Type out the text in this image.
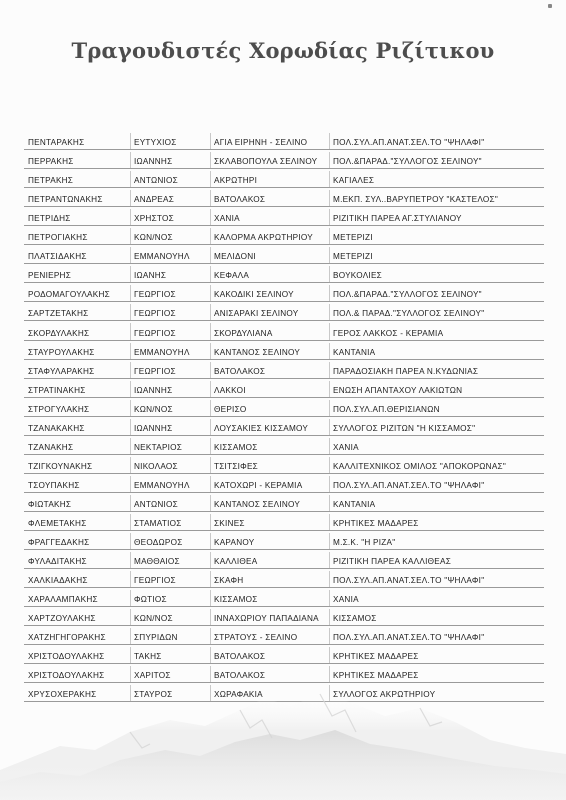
Τραγουδιστές Χορωδίας Ριζίτικου
ΠΕΝΤΑΡΑΚΗΣ	ΕΥΤΥΧΙΟΣ	ΑΓΙΑ ΕΙΡΗΝΗ - ΣΕΛΙΝΟ	ΠΟΛ.ΣΥΛ.ΑΠ.ΑΝΑΤ.ΣΕΛ.ΤΟ "ΨΗΛΑΦΙ"
ΠΕΡΡΑΚΗΣ	ΙΩΑΝΝΗΣ	ΣΚΛΑΒΟΠΟΥΛΑ ΣΕΛΙΝΟΥ	ΠΟΛ.&ΠΑΡΑΔ."ΣΥΛΛΟΓΟΣ ΣΕΛΙΝΟΥ"
ΠΕΤΡΑΚΗΣ	ΑΝΤΩΝΙΟΣ	ΑΚΡΩΤΗΡΙ	ΚΑΓΙΑΛΕΣ
ΠΕΤΡΑΝΤΩΝΑΚΗΣ	ΑΝΔΡΕΑΣ	ΒΑΤΟΛΑΚΟΣ	Μ.ΕΚΠ. ΣΥΛ..ΒΑΡΥΠΕΤΡΟΥ "ΚΑΣΤΕΛΟΣ"
ΠΕΤΡΙΔΗΣ	ΧΡΗΣΤΟΣ	ΧΑΝΙΑ	ΡΙΖΙΤΙΚΗ ΠΑΡΕΑ ΑΓ.ΣΤΥΛΙΑΝΟΥ
ΠΕΤΡΟΓΙΑΚΗΣ	ΚΩΝ/ΝΟΣ	ΚΑΛΟΡΜΑ ΑΚΡΩΤΗΡΙΟΥ	ΜΕΤΕΡΙΖΙ
ΠΛΑΤΣΙΔΑΚΗΣ	ΕΜΜΑΝΟΥΗΛ	ΜΕΛΙΔΟΝΙ	ΜΕΤΕΡΙΖΙ
ΡΕΝΙΕΡΗΣ	ΙΩΑΝΗΣ	ΚΕΦΑΛΑ	ΒΟΥΚΟΛΙΕΣ
ΡΟΔΟΜΑΓΟΥΛΑΚΗΣ	ΓΕΩΡΓΙΟΣ	ΚΑΚΟΔΙΚΙ ΣΕΛΙΝΟΥ	ΠΟΛ.&ΠΑΡΑΔ."ΣΥΛΛΟΓΟΣ ΣΕΛΙΝΟΥ"
ΣΑΡΤΖΕΤΑΚΗΣ	ΓΕΩΡΓΙΟΣ	ΑΝΙΣΑΡΑΚΙ ΣΕΛΙΝΟΥ	ΠΟΛ.& ΠΑΡΑΔ."ΣΥΛΛΟΓΟΣ ΣΕΛΙΝΟΥ"
ΣΚΟΡΔΥΛΑΚΗΣ	ΓΕΩΡΓΙΟΣ	ΣΚΟΡΔΥΛΙΑΝΑ	ΓΕΡΟΣ ΛΑΚΚΟΣ - ΚΕΡΑΜΙΑ
ΣΤΑΥΡΟΥΛΑΚΗΣ	ΕΜΜΑΝΟΥΗΛ	ΚΑΝΤΑΝΟΣ ΣΕΛΙΝΟΥ	ΚΑΝΤΑΝΙΑ
ΣΤΑΦΥΛΑΡΑΚΗΣ	ΓΕΩΡΓΙΟΣ	ΒΑΤΟΛΑΚΟΣ	ΠΑΡΑΔΟΣΙΑΚΗ ΠΑΡΕΑ Ν.ΚΥΔΩΝΙΑΣ
ΣΤΡΑΤΙΝΑΚΗΣ	ΙΩΑΝΝΗΣ	ΛΑΚΚΟΙ	ΕΝΩΣΗ ΑΠΑΝΤΑΧΟΥ ΛΑΚΙΩΤΩΝ
ΣΤΡΟΓΥΛΑΚΗΣ	ΚΩΝ/ΝΟΣ	ΘΕΡΙΣΟ	ΠΟΛ.ΣΥΛ.ΑΠ.ΘΕΡΙΣΙΑΝΩΝ
ΤΖΑΝΑΚΑΚΗΣ	ΙΩΑΝΝΗΣ	ΛΟΥΣΑΚΙΕΣ ΚΙΣΣΑΜΟΥ	ΣΥΛΛΟΓΟΣ ΡΙΖΙΤΩΝ "Η ΚΙΣΣΑΜΟΣ"
ΤΖΑΝΑΚΗΣ	ΝΕΚΤΑΡΙΟΣ	ΚΙΣΣΑΜΟΣ	ΧΑΝΙΑ
ΤΖΙΓΚΟΥΝΑΚΗΣ	ΝΙΚΟΛΑΟΣ	ΤΣΙΤΣΙΦΕΣ	ΚΑΛΛΙΤΕΧΝΙΚΟΣ ΟΜΙΛΟΣ "ΑΠΟΚΟΡΩΝΑΣ"
ΤΣΟΥΠΑΚΗΣ	ΕΜΜΑΝΟΥΗΛ	ΚΑΤΟΧΩΡΙ - ΚΕΡΑΜΙΑ	ΠΟΛ.ΣΥΛ.ΑΠ.ΑΝΑΤ.ΣΕΛ.ΤΟ "ΨΗΛΑΦΙ"
ΦΙΩΤΑΚΗΣ	ΑΝΤΩΝΙΟΣ	ΚΑΝΤΑΝΟΣ ΣΕΛΙΝΟΥ	ΚΑΝΤΑΝΙΑ
ΦΛΕΜΕΤΑΚΗΣ	ΣΤΑΜΑΤΙΟΣ	ΣΚΙΝΕΣ	ΚΡΗΤΙΚΕΣ ΜΑΔΑΡΕΣ
ΦΡΑΓΓΕΔΑΚΗΣ	ΘΕΟΔΩΡΟΣ	ΚΑΡΑΝΟΥ	Μ.Σ.Κ. "Η ΡΙΖΑ"
ΦΥΛΑΔΙΤΑΚΗΣ	ΜΑΘΘΑΙΟΣ	ΚΑΛΛΙΘΕΑ	ΡΙΖΙΤΙΚΗ ΠΑΡΕΑ ΚΑΛΛΙΘΕΑΣ
ΧΑΛΚΙΑΔΑΚΗΣ	ΓΕΩΡΓΙΟΣ	ΣΚΑΦΗ	ΠΟΛ.ΣΥΛ.ΑΠ.ΑΝΑΤ.ΣΕΛ.ΤΟ "ΨΗΛΑΦΙ"
ΧΑΡΑΛΑΜΠΑΚΗΣ	ΦΩΤΙΟΣ	ΚΙΣΣΑΜΟΣ	ΧΑΝΙΑ
ΧΑΡΤΖΟΥΛΑΚΗΣ	ΚΩΝ/ΝΟΣ	ΙΝΝΑΧΩΡΙΟΥ ΠΑΠΑΔΙΑΝΑ	ΚΙΣΣΑΜΟΣ
ΧΑΤΖΗΓΗΓΟΡΑΚΗΣ	ΣΠΥΡΙΔΩΝ	ΣΤΡΑΤΟΥΣ - ΣΕΛΙΝΟ	ΠΟΛ.ΣΥΛ.ΑΠ.ΑΝΑΤ.ΣΕΛ.ΤΟ "ΨΗΛΑΦΙ"
ΧΡΙΣΤΟΔΟΥΛΑΚΗΣ	ΤΑΚΗΣ	ΒΑΤΟΛΑΚΟΣ	ΚΡΗΤΙΚΕΣ ΜΑΔΑΡΕΣ
ΧΡΙΣΤΟΔΟΥΛΑΚΗΣ	ΧΑΡΙΤΟΣ	ΒΑΤΟΛΑΚΟΣ	ΚΡΗΤΙΚΕΣ ΜΑΔΑΡΕΣ
ΧΡΥΣΟΧΕΡΑΚΗΣ	ΣΤΑΥΡΟΣ	ΧΩΡΑΦΑΚΙΑ	ΣΥΛΛΟΓΟΣ ΑΚΡΩΤΗΡΙΟΥ
